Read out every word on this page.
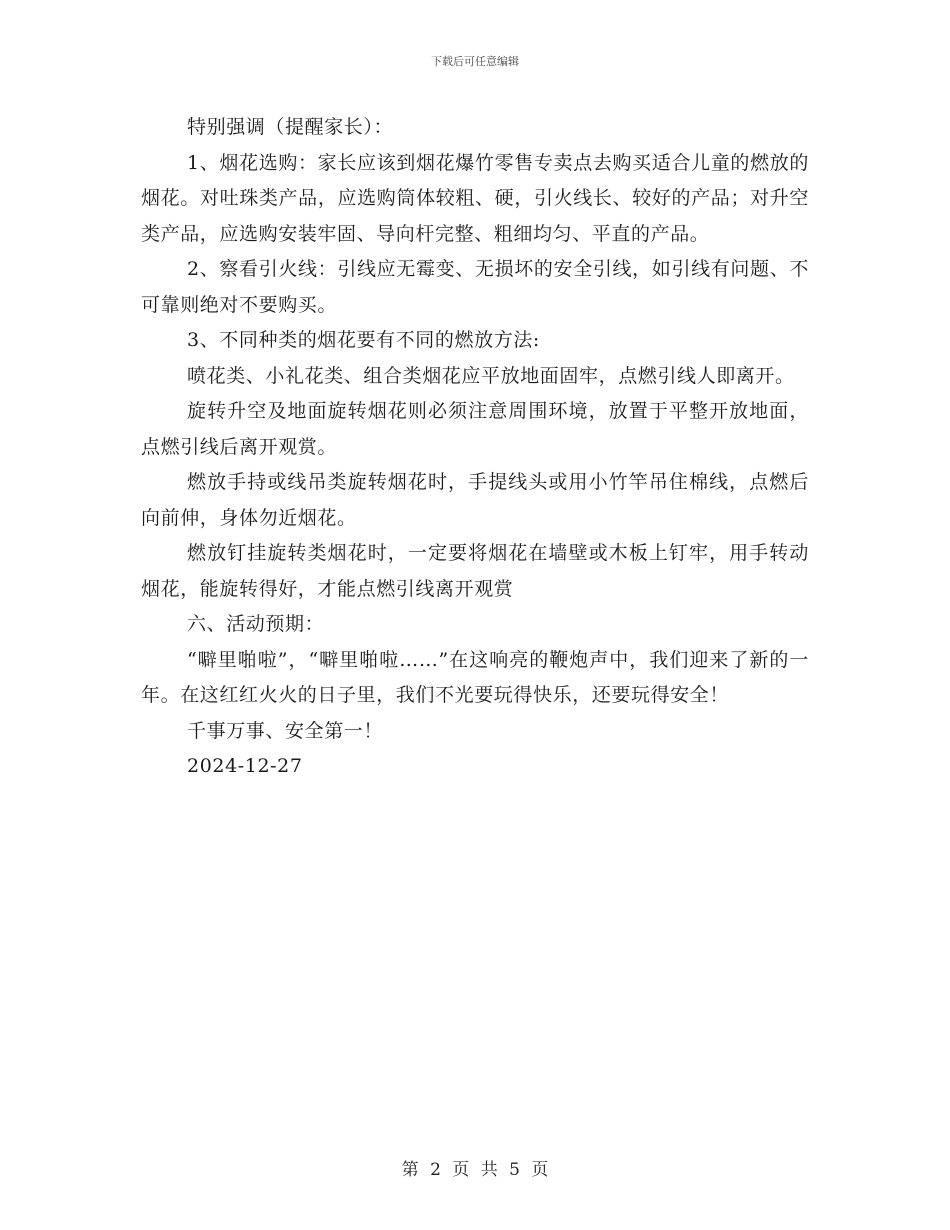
下载后可任意编辑

特别强调（提醒家长）：

1、烟花选购：家长应该到烟花爆竹零售专卖点去购买适合儿童的燃放的烟花。对吐珠类产品，应选购筒体较粗、硬，引火线长、较好的产品；对升空类产品，应选购安装牢固、导向杆完整、粗细均匀、平直的产品。

2、察看引火线：引线应无霉变、无损坏的安全引线，如引线有问题、不可靠则绝对不要购买。

3、不同种类的烟花要有不同的燃放方法:

喷花类、小礼花类、组合类烟花应平放地面固牢，点燃引线人即离开。

旋转升空及地面旋转烟花则必须注意周围环境，放置于平整开放地面，点燃引线后离开观赏。

燃放手持或线吊类旋转烟花时，手提线头或用小竹竿吊住棉线，点燃后向前伸，身体勿近烟花。

燃放钉挂旋转类烟花时，一定要将烟花在墙壁或木板上钉牢，用手转动烟花，能旋转得好，才能点燃引线离开观赏

六、活动预期：

“噼里啪啦”，“噼里啪啦……”在这响亮的鞭炮声中，我们迎来了新的一年。在这红红火火的日子里，我们不光要玩得快乐，还要玩得安全！

千事万事、安全第一！

2024-12-27

第 2 页 共 5 页
